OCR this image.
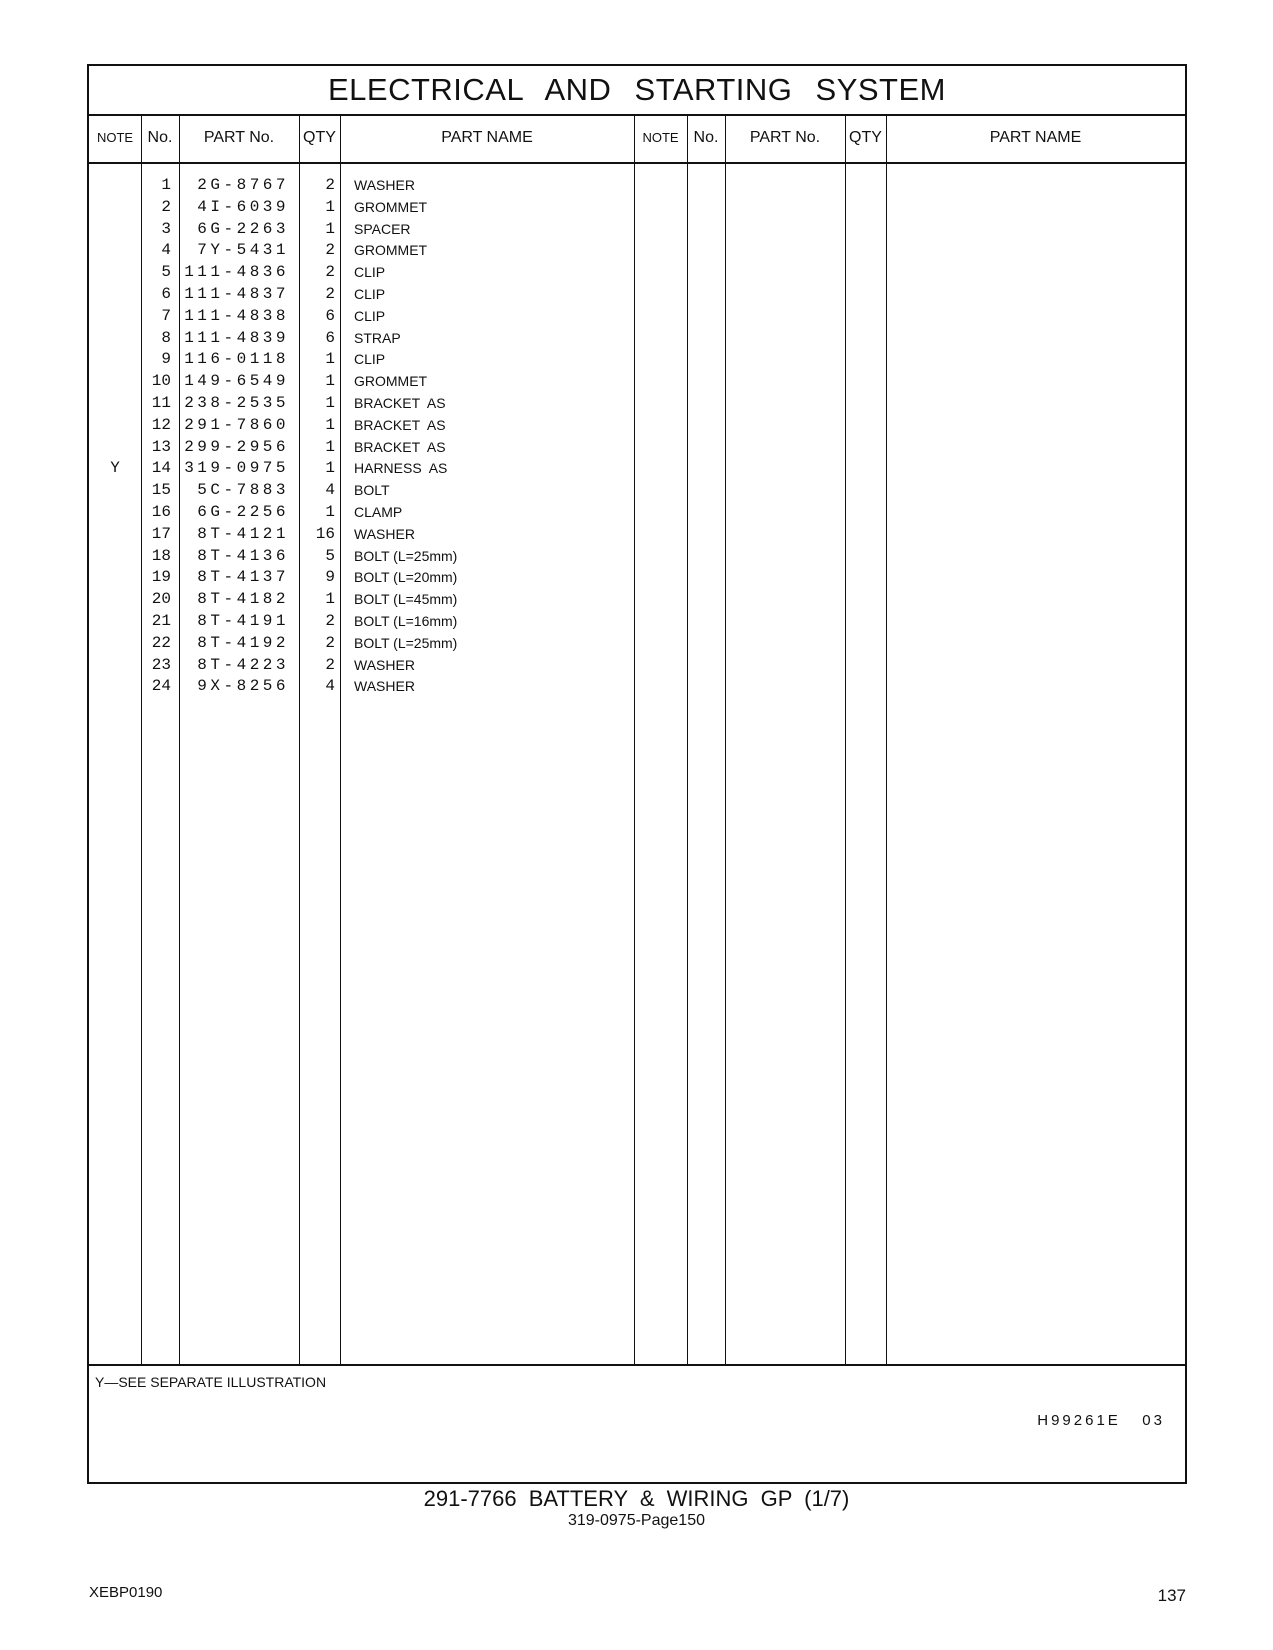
ELECTRICAL AND STARTING SYSTEM
NOTE No.	PART No.	QTY	PART NAME	NOTE No.	PART No.	QTY	PART NAME
1	2G-8767	2 WASHER
2	4I-6039	1 GROMMET
3	6G-2263	1 SPACER
4	7Y-5431	2 GROMMET
5 111-4836	2 CLIP
6 111-4837	2 CLIP
7 111-4838	6 CLIP
8 111-4839	6 STRAP
9 116-0118	1 CLIP
10 149-6549	1 GROMMET
11 238-2535	1 BRACKET  AS
12 291-7860	1 BRACKET  AS
13 299-2956	1 BRACKET  AS
Y	14 319-0975	1 HARNESS  AS
15	5C-7883	4 BOLT
16	6G-2256	1 CLAMP
17	8T-4121	16 WASHER
18	8T-4136	5 BOLT (L=25mm)
19	8T-4137	9 BOLT (L=20mm)
20	8T-4182	1 BOLT (L=45mm)
21	8T-4191	2 BOLT (L=16mm)
22	8T-4192	2 BOLT (L=25mm)
23	8T-4223	2 WASHER
24	9X-8256	4 WASHER
Y―SEE SEPARATE ILLUSTRATION
H99261E   03
291-7766 BATTERY & WIRING GP (1/7)
319-0975-Page150
XEBP0190	137
